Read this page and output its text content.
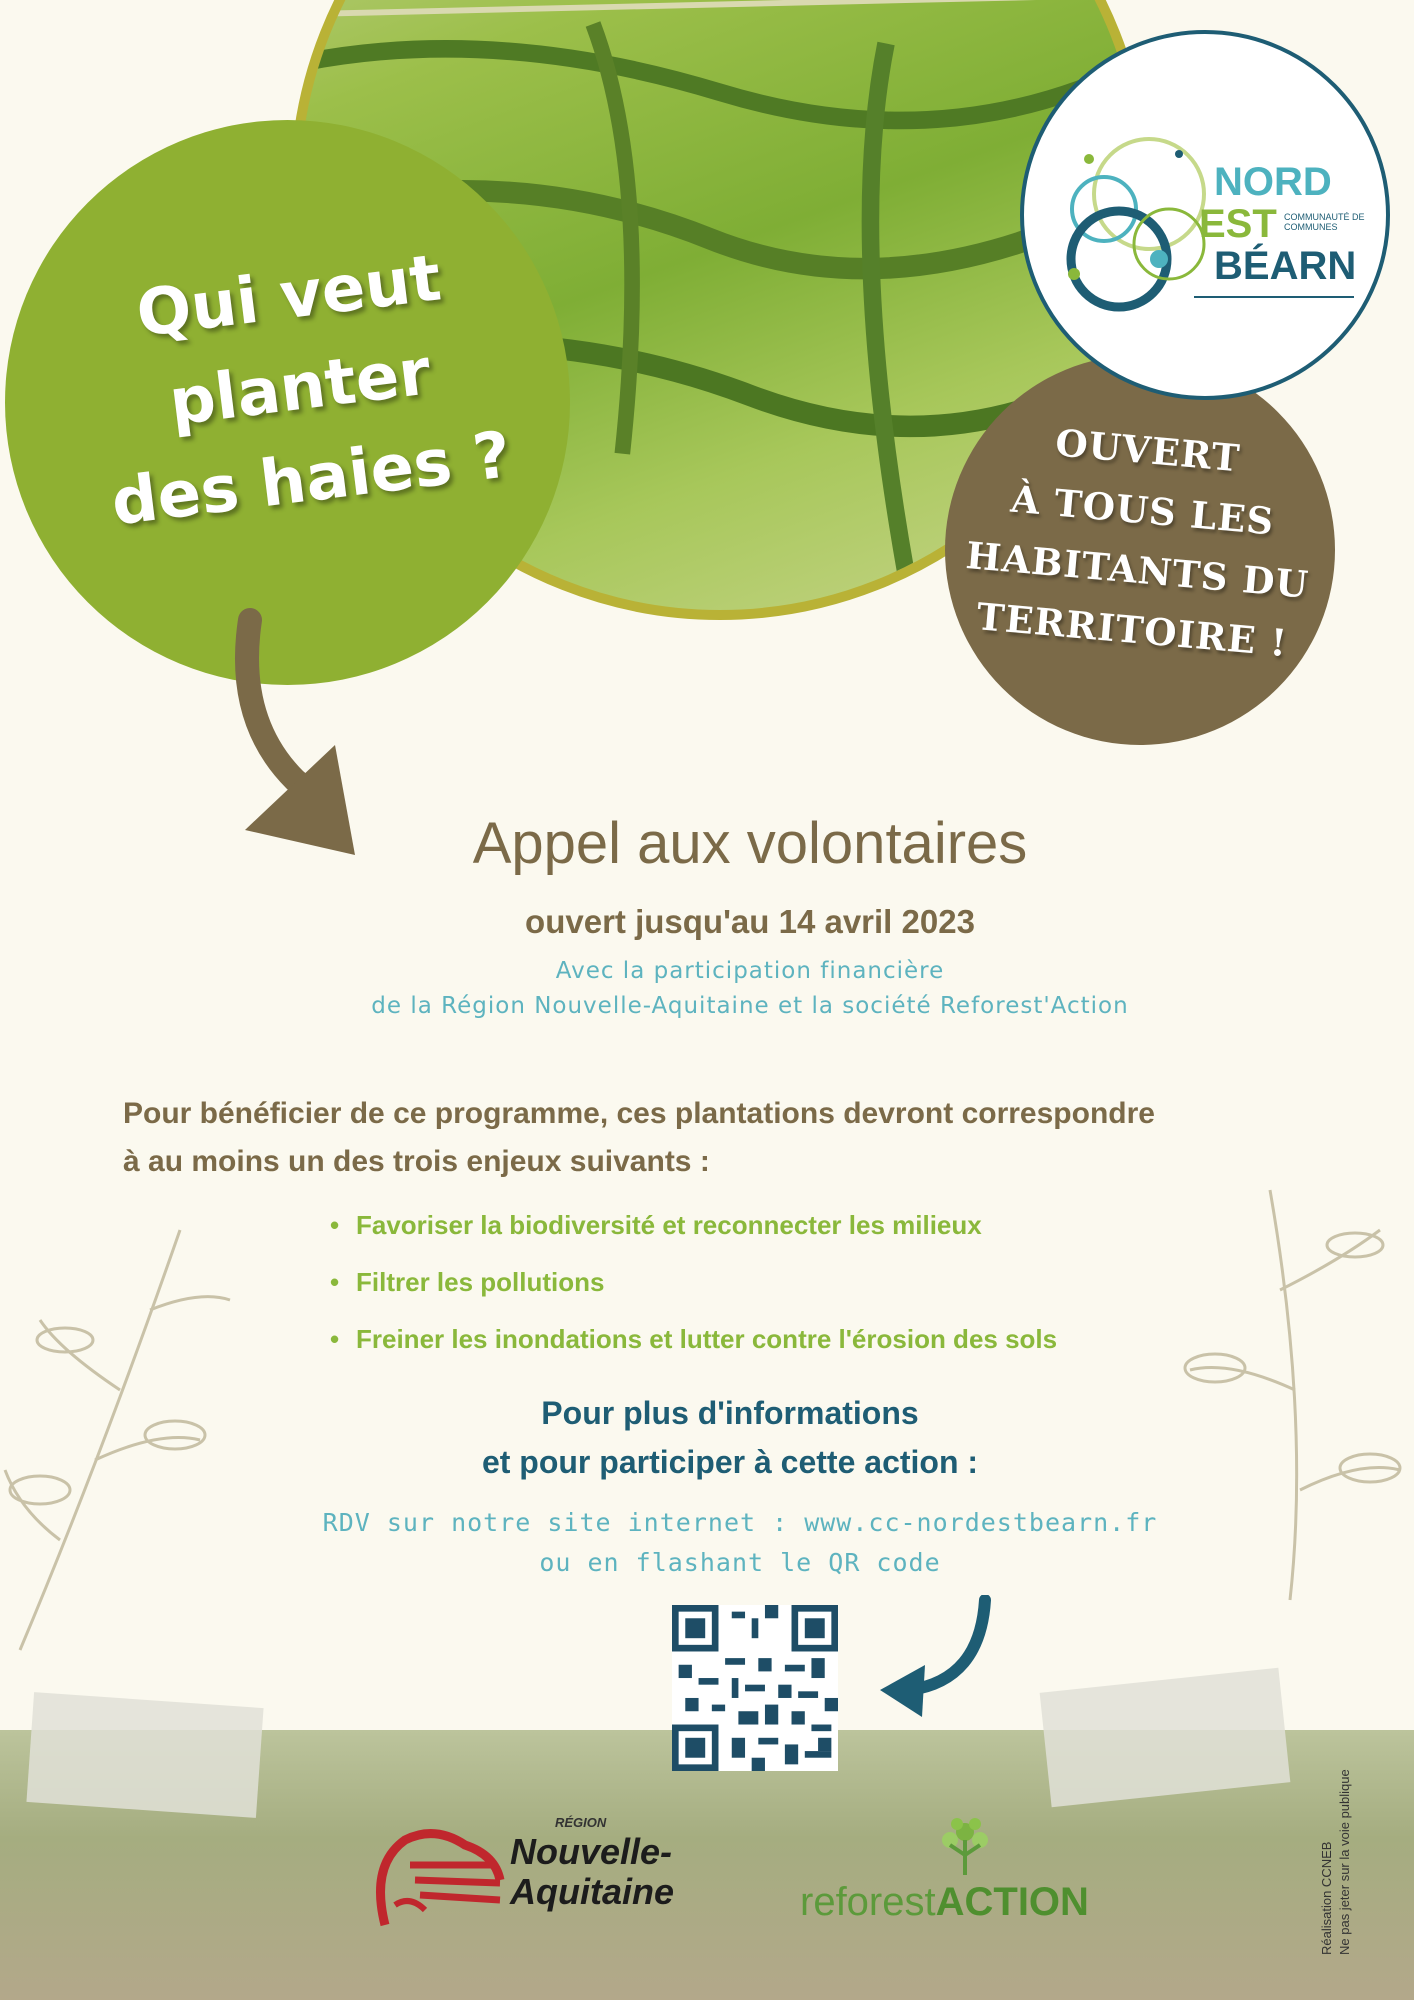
Qui veut
planter
des haies ?	OUVERT
À TOUS LES
HABITANTS DU
TERRITOIRE !
NORD
EST COMMUNAUTÉ DE COMMUNES
BÉARN
Appel aux volontaires
ouvert jusqu'au 14 avril 2023
Avec la participation financière
de la Région Nouvelle-Aquitaine et la société Reforest'Action
Pour bénéficier de ce programme, ces plantations devront correspondre
à au moins un des trois enjeux suivants :
• Favoriser la biodiversité et reconnecter les milieux
• Filtrer les pollutions
• Freiner les inondations et lutter contre l'érosion des sols
Pour plus d'informations
et pour participer à cette action :
RDV sur notre site internet : www.cc-nordestbearn.fr
ou en flashant le QR code
RÉGION
Nouvelle-
Aquitaine	reforestACTION	Réalisation CCNEB Ne pas jeter sur la voie publique
